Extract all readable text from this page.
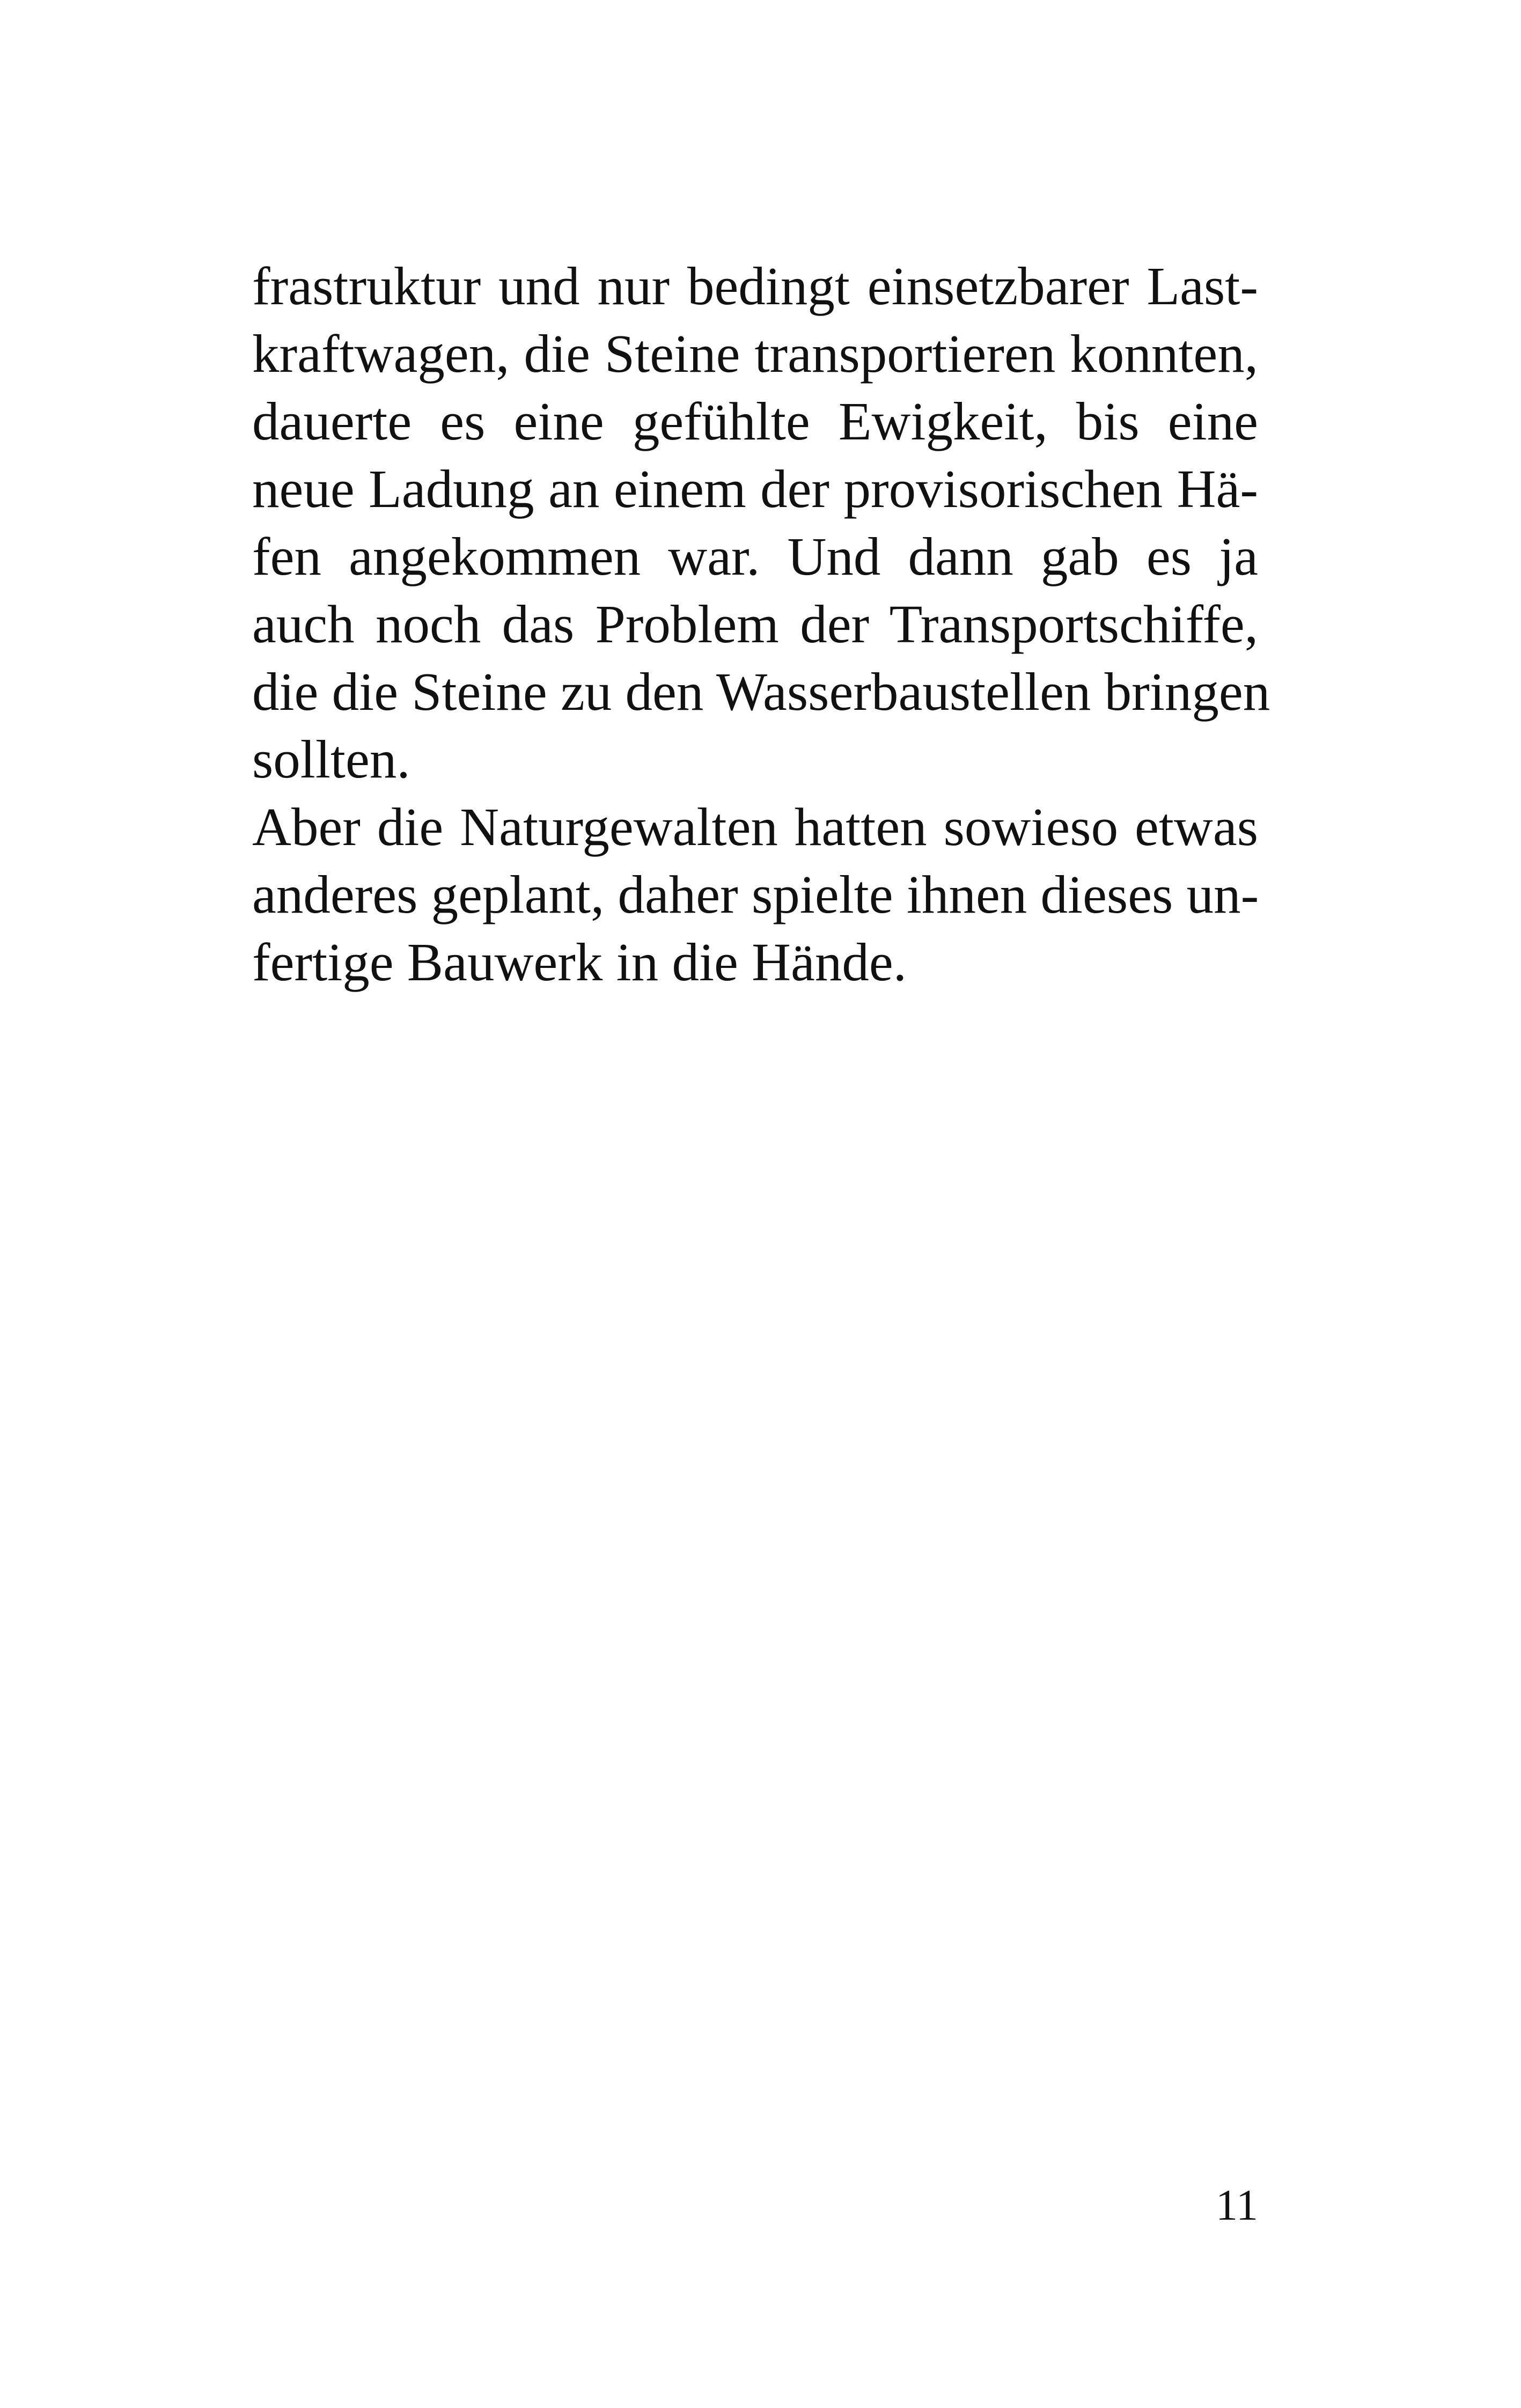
frastruktur und nur bedingt einsetzbarer Last-
kraftwagen, die Steine transportieren konnten,
dauerte es eine gefühlte Ewigkeit, bis eine
neue Ladung an einem der provisorischen Hä-
fen angekommen war. Und dann gab es ja
auch noch das Problem der Transportschiffe,
die die Steine zu den Wasserbaustellen bringen
sollten.
Aber die Naturgewalten hatten sowieso etwas
anderes geplant, daher spielte ihnen dieses un-
fertige Bauwerk in die Hände.
11
